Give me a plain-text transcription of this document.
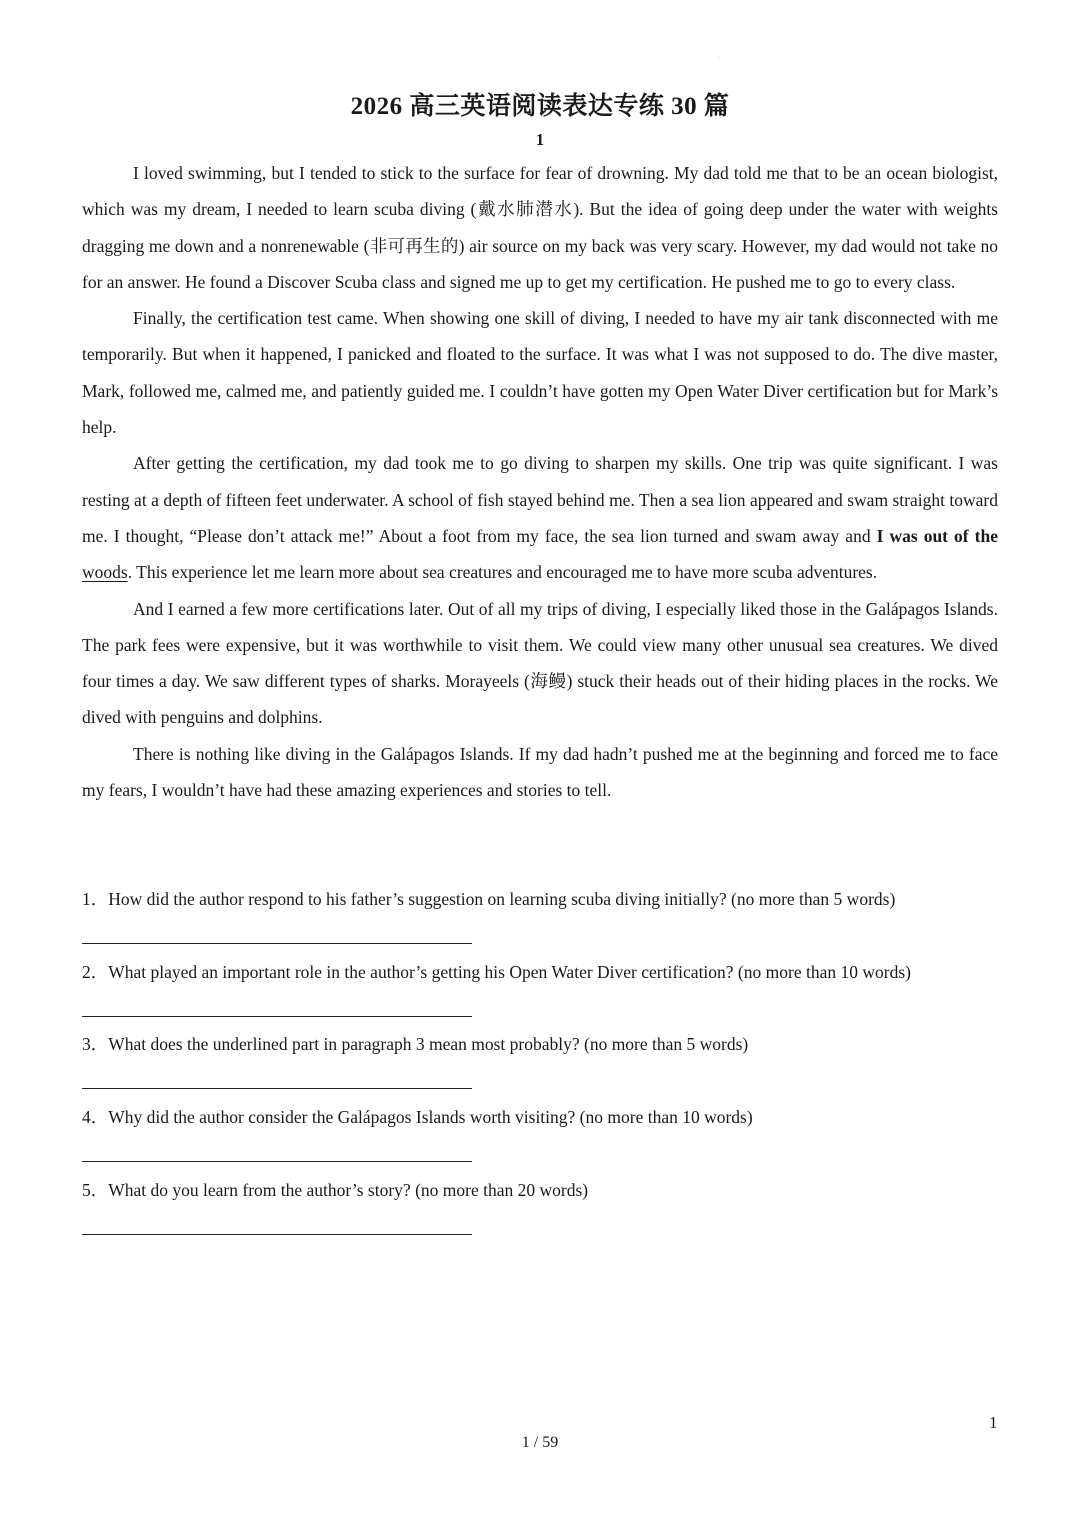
:
2026 高三英语阅读表达专练 30 篇
1

I loved swimming, but I tended to stick to the surface for fear of drowning. My dad told me that to be an ocean biologist, which was my dream, I needed to learn scuba diving (戴水肺潜水). But the idea of going deep under the water with weights dragging me down and a nonrenewable (非可再生的) air source on my back was very scary. However, my dad would not take no for an answer. He found a Discover Scuba class and signed me up to get my certification. He pushed me to go to every class.

Finally, the certification test came. When showing one skill of diving, I needed to have my air tank disconnected with me temporarily. But when it happened, I panicked and floated to the surface. It was what I was not supposed to do. The dive master, Mark, followed me, calmed me, and patiently guided me. I couldn’t have gotten my Open Water Diver certification but for Mark’s help.

After getting the certification, my dad took me to go diving to sharpen my skills. One trip was quite significant. I was resting at a depth of fifteen feet underwater. A school of fish stayed behind me. Then a sea lion appeared and swam straight toward me. I thought, “Please don’t attack me!” About a foot from my face, the sea lion turned and swam away and I was out of the woods. This experience let me learn more about sea creatures and encouraged me to have more scuba adventures.

And I earned a few more certifications later. Out of all my trips of diving, I especially liked those in the Galápagos Islands. The park fees were expensive, but it was worthwhile to visit them. We could view many other unusual sea creatures. We dived four times a day. We saw different types of sharks. Morayeels (海鳗) stuck their heads out of their hiding places in the rocks. We dived with penguins and dolphins.

There is nothing like diving in the Galápagos Islands. If my dad hadn’t pushed me at the beginning and forced me to face my fears, I wouldn’t have had these amazing experiences and stories to tell.

1．How did the author respond to his father’s suggestion on learning scuba diving initially? (no more than 5 words)
2．What played an important role in the author’s getting his Open Water Diver certification? (no more than 10 words)
3．What does the underlined part in paragraph 3 mean most probably? (no more than 5 words)
4．Why did the author consider the Galápagos Islands worth visiting? (no more than 10 words)
5．What do you learn from the author’s story? (no more than 20 words)
1
1 / 59
